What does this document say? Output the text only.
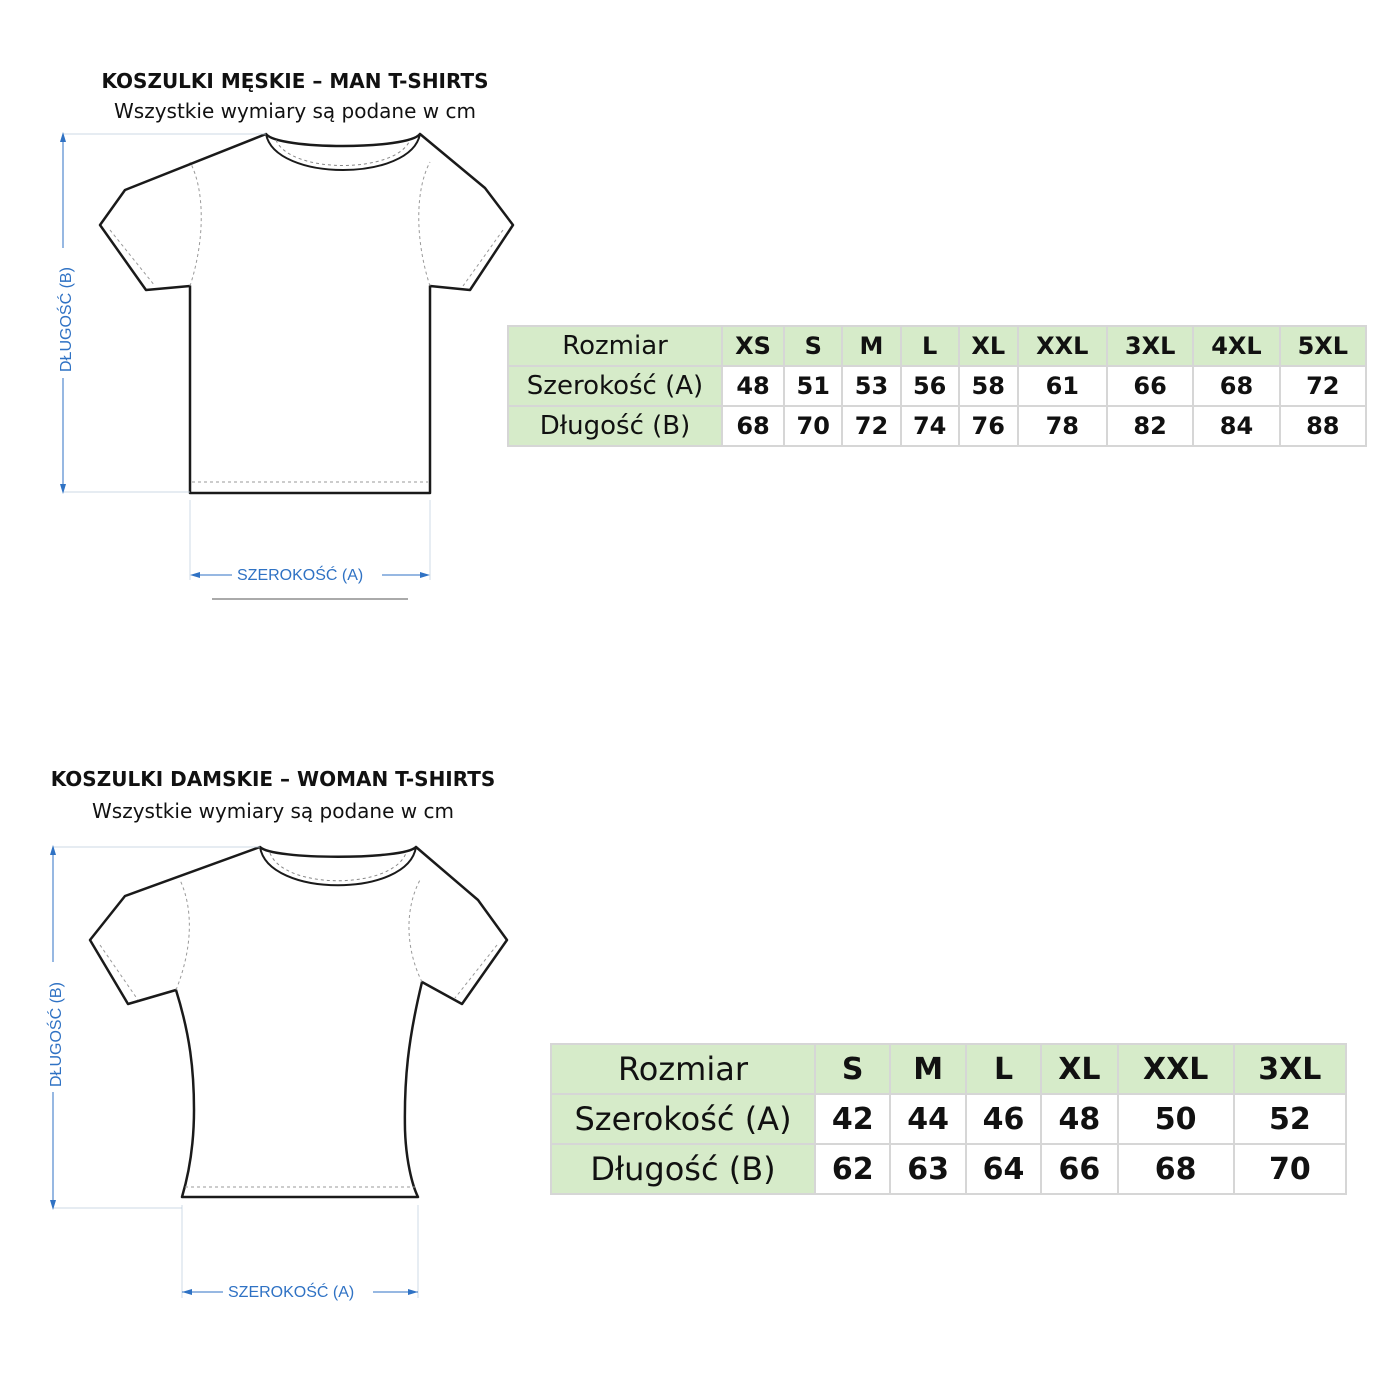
KOSZULKI MĘSKIE – MAN T-SHIRTS
Wszystkie wymiary są podane w cm
DŁUGOŚĆ (B)
SZEROKOŚĆ (A)
Rozmiar	XS	S	M	L	XL	XXL	3XL	4XL	5XL
Szerokość (A)	48	51	53	56	58	61	66	68	72
Długość (B)	68	70	72	74	76	78	82	84	88
KOSZULKI DAMSKIE – WOMAN T-SHIRTS
Wszystkie wymiary są podane w cm
DŁUGOŚĆ (B)
SZEROKOŚĆ (A)
Rozmiar	S	M	L	XL	XXL	3XL
Szerokość (A)	42	44	46	48	50	52
Długość (B)	62	63	64	66	68	70
